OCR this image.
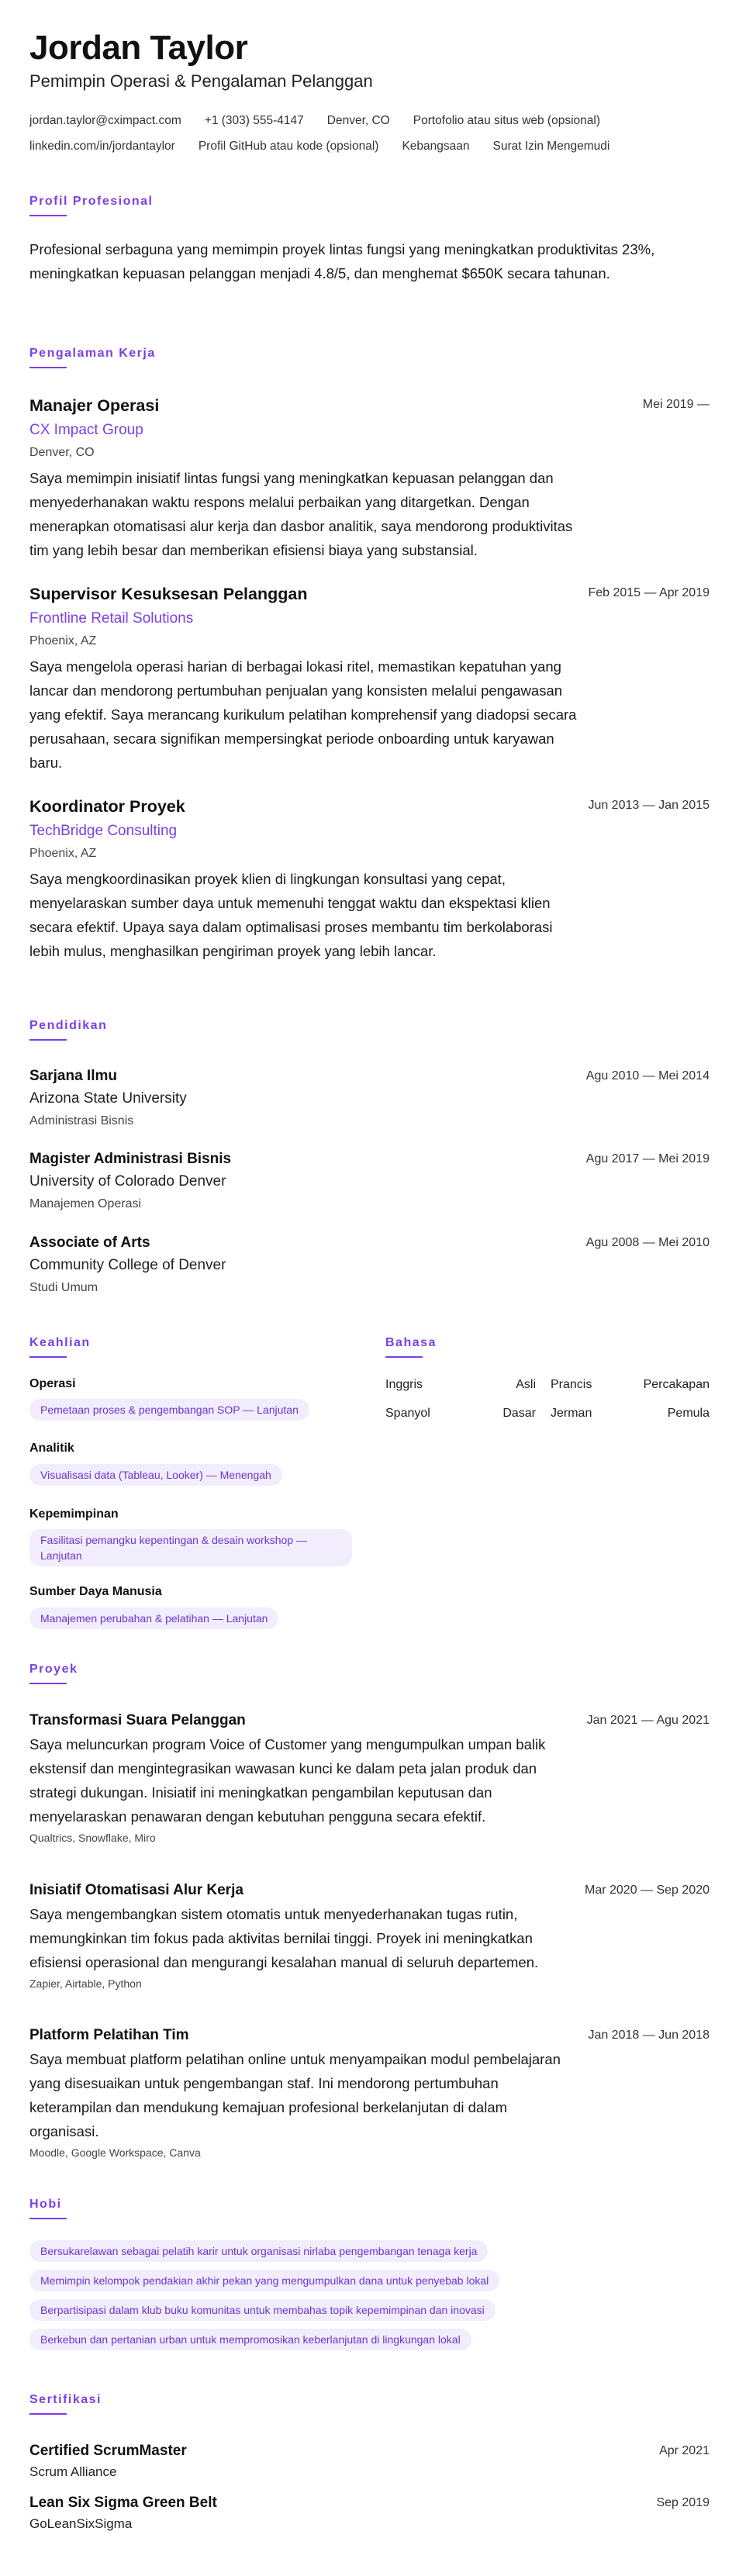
Jordan Taylor
Pemimpin Operasi & Pengalaman Pelanggan
jordan.taylor@cximpact.com +1 (303) 555-4147 Denver, CO Portofolio atau situs web (opsional)
linkedin.com/in/jordantaylor Profil GitHub atau kode (opsional) Kebangsaan Surat Izin Mengemudi
Profil Profesional
Profesional serbaguna yang memimpin proyek lintas fungsi yang meningkatkan produktivitas 23%, meningkatkan kepuasan pelanggan menjadi 4.8/5, dan menghemat $650K secara tahunan.
Pengalaman Kerja
Manajer Operasi	Mei 2019 —
CX Impact Group
Denver, CO
Saya memimpin inisiatif lintas fungsi yang meningkatkan kepuasan pelanggan dan menyederhanakan waktu respons melalui perbaikan yang ditargetkan. Dengan menerapkan otomatisasi alur kerja dan dasbor analitik, saya mendorong produktivitas tim yang lebih besar dan memberikan efisiensi biaya yang substansial.
Supervisor Kesuksesan Pelanggan	Feb 2015 — Apr 2019
Frontline Retail Solutions
Phoenix, AZ
Saya mengelola operasi harian di berbagai lokasi ritel, memastikan kepatuhan yang lancar dan mendorong pertumbuhan penjualan yang konsisten melalui pengawasan yang efektif. Saya merancang kurikulum pelatihan komprehensif yang diadopsi secara perusahaan, secara signifikan mempersingkat periode onboarding untuk karyawan baru.
Koordinator Proyek	Jun 2013 — Jan 2015
TechBridge Consulting
Phoenix, AZ
Saya mengkoordinasikan proyek klien di lingkungan konsultasi yang cepat, menyelaraskan sumber daya untuk memenuhi tenggat waktu dan ekspektasi klien secara efektif. Upaya saya dalam optimalisasi proses membantu tim berkolaborasi lebih mulus, menghasilkan pengiriman proyek yang lebih lancar.
Pendidikan
Sarjana Ilmu	Agu 2010 — Mei 2014
Arizona State University
Administrasi Bisnis
Magister Administrasi Bisnis	Agu 2017 — Mei 2019
University of Colorado Denver
Manajemen Operasi
Associate of Arts	Agu 2008 — Mei 2010
Community College of Denver
Studi Umum
Keahlian
Operasi
Pemetaan proses & pengembangan SOP — Lanjutan
Analitik
Visualisasi data (Tableau, Looker) — Menengah
Kepemimpinan
Fasilitasi pemangku kepentingan & desain workshop —
Lanjutan
Sumber Daya Manusia
Manajemen perubahan & pelatihan — Lanjutan
Bahasa
Inggris	Asli Prancis	Percakapan
Spanyol	Dasar Jerman	Pemula
Proyek
Transformasi Suara Pelanggan	Jan 2021 — Agu 2021
Saya meluncurkan program Voice of Customer yang mengumpulkan umpan balik ekstensif dan mengintegrasikan wawasan kunci ke dalam peta jalan produk dan strategi dukungan. Inisiatif ini meningkatkan pengambilan keputusan dan menyelaraskan penawaran dengan kebutuhan pengguna secara efektif.
Qualtrics, Snowflake, Miro
Inisiatif Otomatisasi Alur Kerja	Mar 2020 — Sep 2020
Saya mengembangkan sistem otomatis untuk menyederhanakan tugas rutin, memungkinkan tim fokus pada aktivitas bernilai tinggi. Proyek ini meningkatkan efisiensi operasional dan mengurangi kesalahan manual di seluruh departemen.
Zapier, Airtable, Python
Platform Pelatihan Tim	Jan 2018 — Jun 2018
Saya membuat platform pelatihan online untuk menyampaikan modul pembelajaran yang disesuaikan untuk pengembangan staf. Ini mendorong pertumbuhan keterampilan dan mendukung kemajuan profesional berkelanjutan di dalam organisasi.
Moodle, Google Workspace, Canva
Hobi
Bersukarelawan sebagai pelatih karir untuk organisasi nirlaba pengembangan tenaga kerja
Memimpin kelompok pendakian akhir pekan yang mengumpulkan dana untuk penyebab lokal
Berpartisipasi dalam klub buku komunitas untuk membahas topik kepemimpinan dan inovasi
Berkebun dan pertanian urban untuk mempromosikan keberlanjutan di lingkungan lokal
Sertifikasi
Certified ScrumMaster	Apr 2021
Scrum Alliance
Lean Six Sigma Green Belt	Sep 2019
GoLeanSixSigma
